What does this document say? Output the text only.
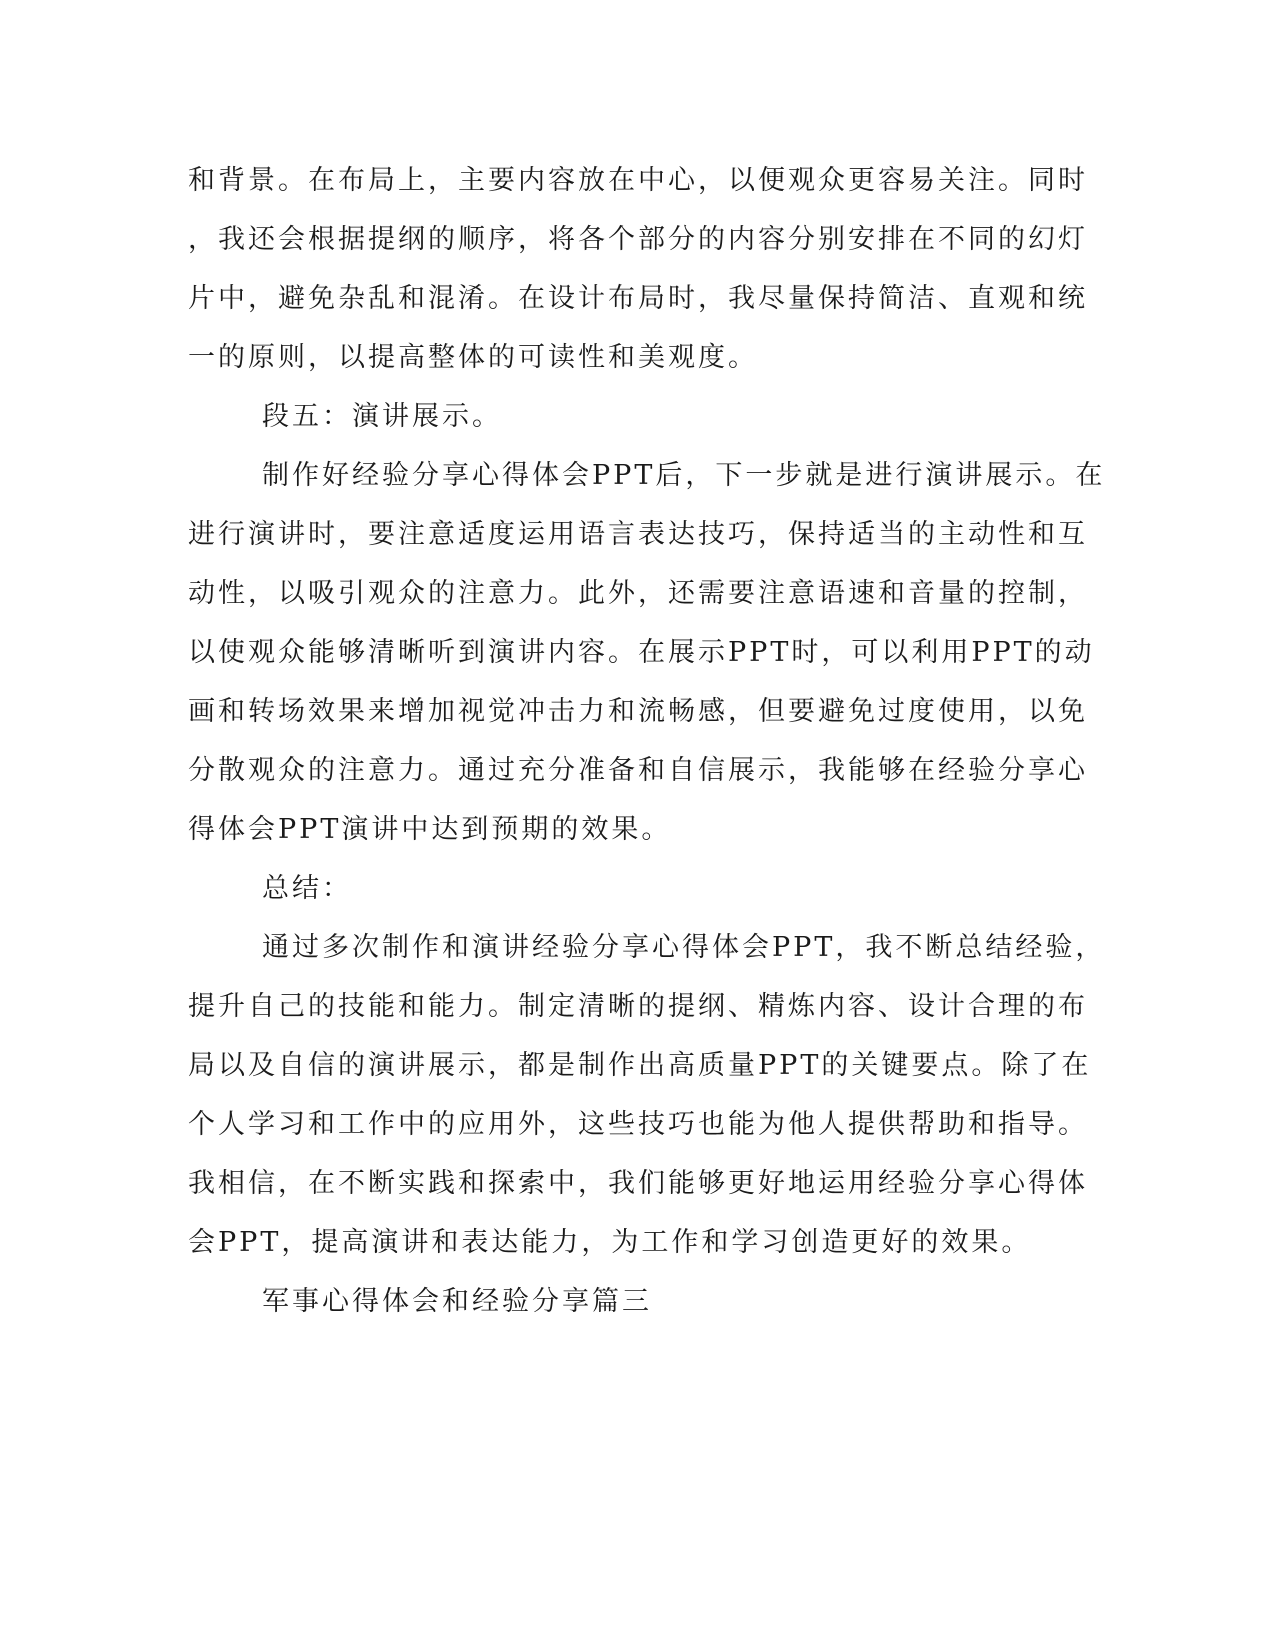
和背景。在布局上，主要内容放在中心，以便观众更容易关注。同时
，我还会根据提纲的顺序，将各个部分的内容分别安排在不同的幻灯
片中，避免杂乱和混淆。在设计布局时，我尽量保持简洁、直观和统
一的原则，以提高整体的可读性和美观度。
段五：演讲展示。
制作好经验分享心得体会PPT后，下一步就是进行演讲展示。在
进行演讲时，要注意适度运用语言表达技巧，保持适当的主动性和互
动性，以吸引观众的注意力。此外，还需要注意语速和音量的控制，
以使观众能够清晰听到演讲内容。在展示PPT时，可以利用PPT的动
画和转场效果来增加视觉冲击力和流畅感，但要避免过度使用，以免
分散观众的注意力。通过充分准备和自信展示，我能够在经验分享心
得体会PPT演讲中达到预期的效果。
总结：
通过多次制作和演讲经验分享心得体会PPT，我不断总结经验，
提升自己的技能和能力。制定清晰的提纲、精炼内容、设计合理的布
局以及自信的演讲展示，都是制作出高质量PPT的关键要点。除了在
个人学习和工作中的应用外，这些技巧也能为他人提供帮助和指导。
我相信，在不断实践和探索中，我们能够更好地运用经验分享心得体
会PPT，提高演讲和表达能力，为工作和学习创造更好的效果。
军事心得体会和经验分享篇三
